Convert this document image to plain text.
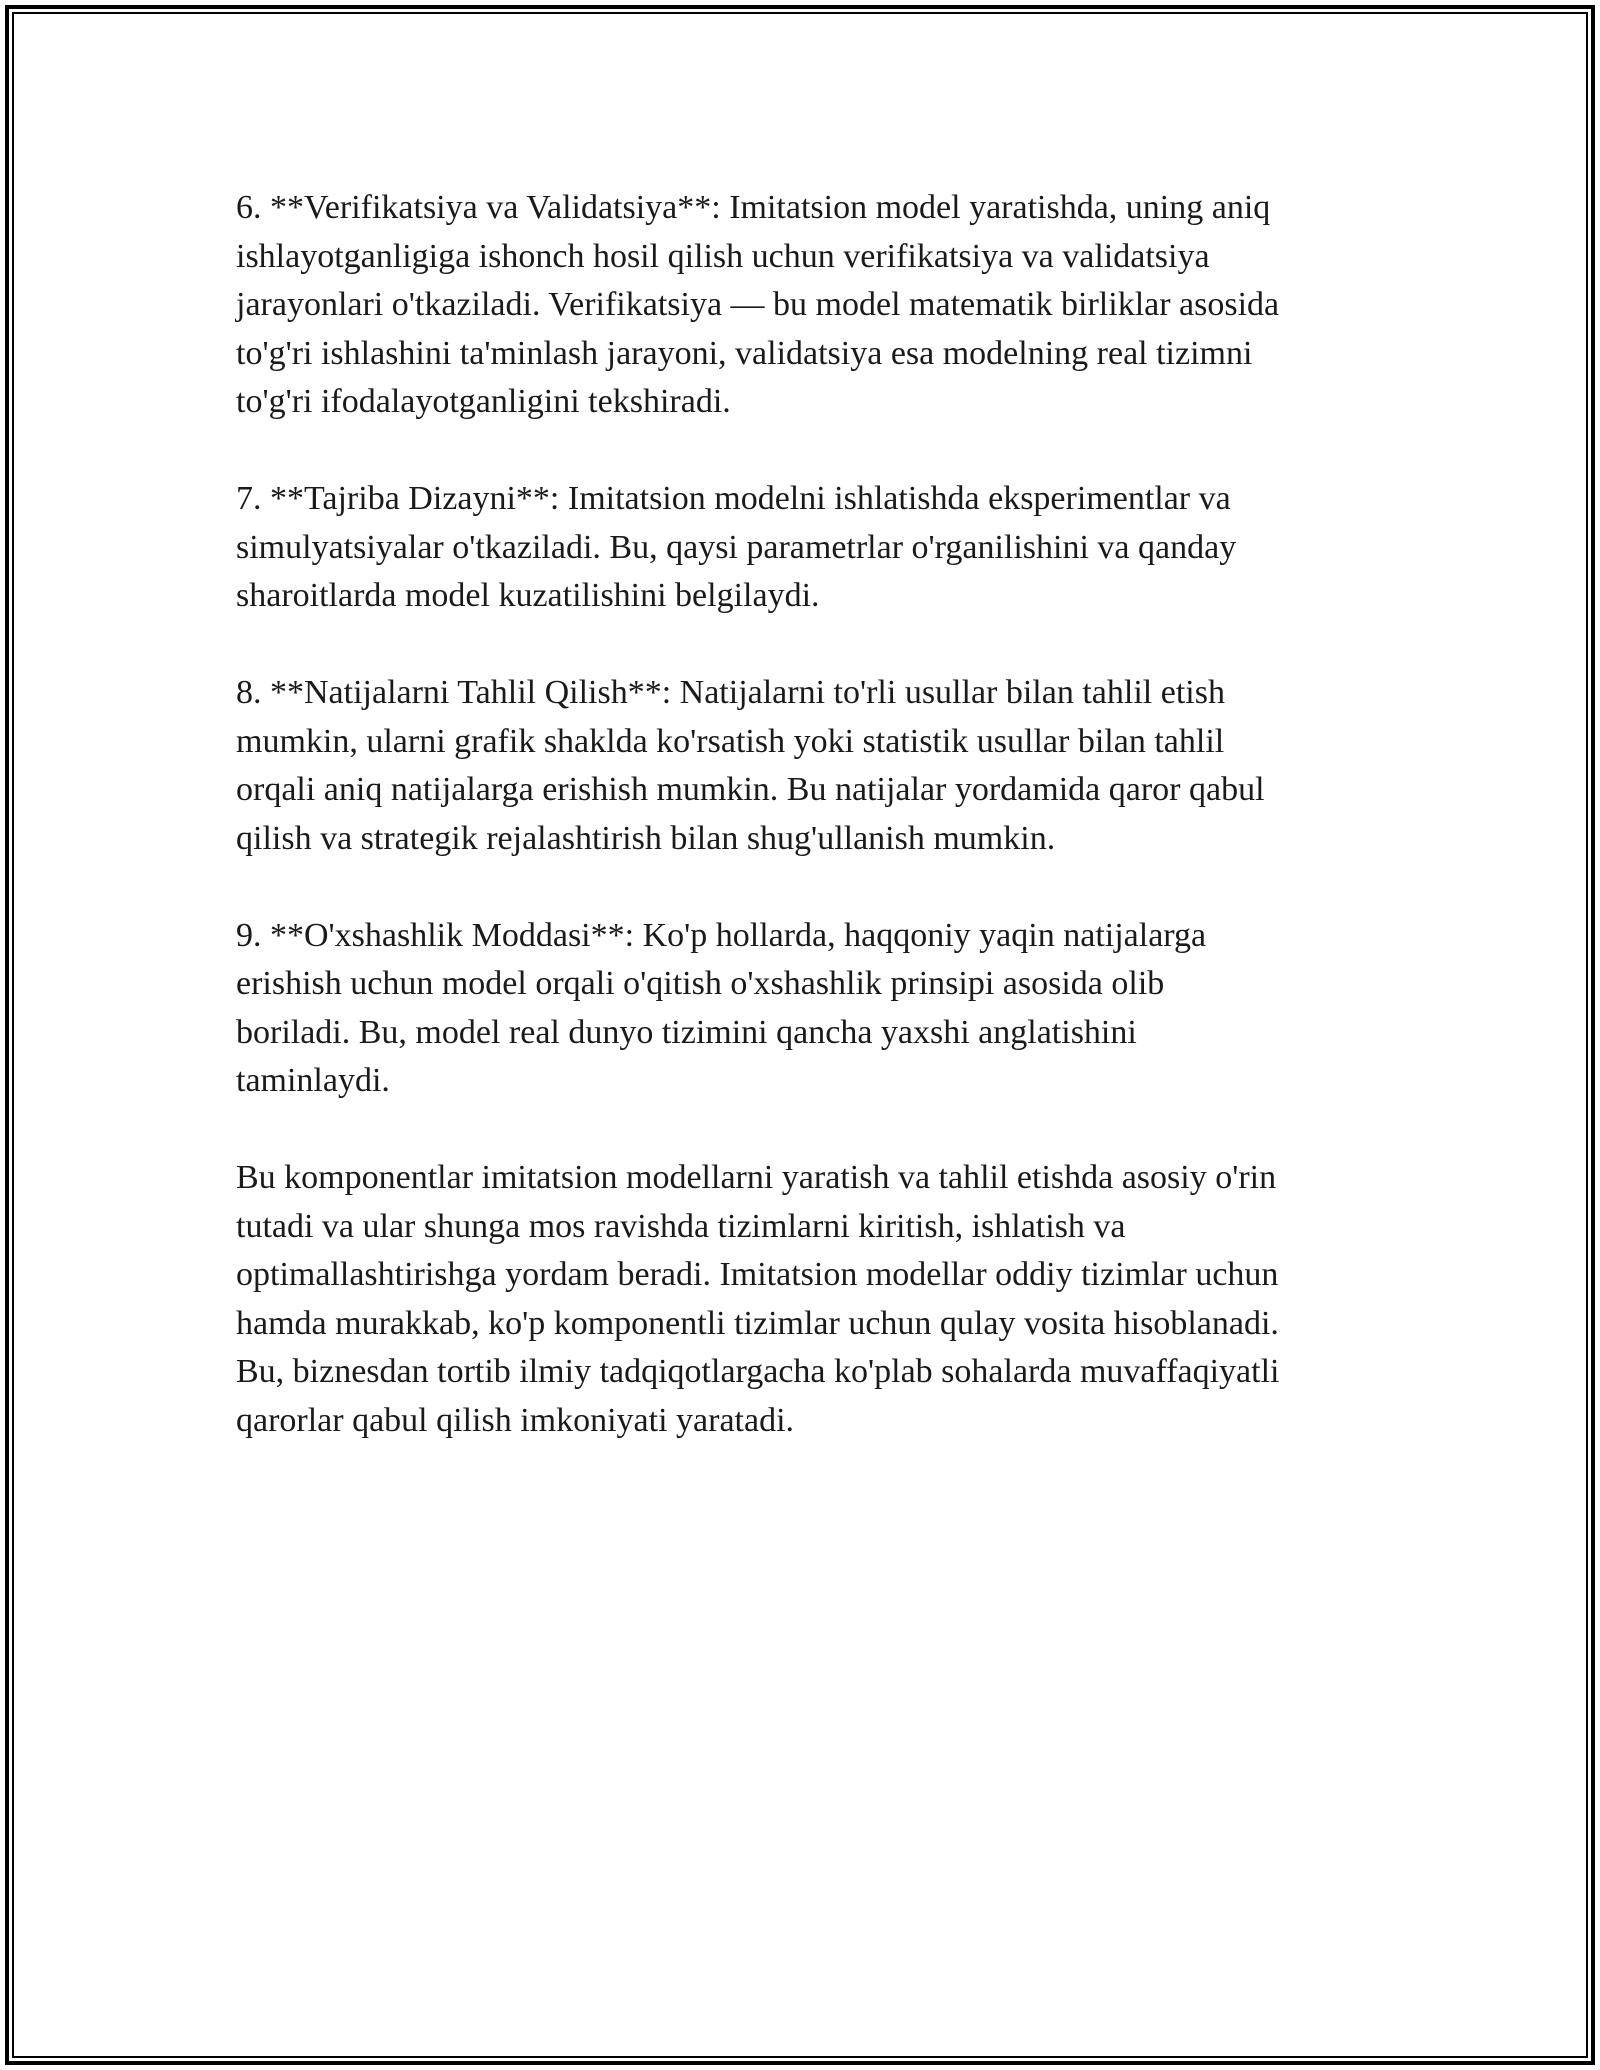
6. **Verifikatsiya va Validatsiya**: Imitatsion model yaratishda, uning aniq
ishlayotganligiga ishonch hosil qilish uchun verifikatsiya va validatsiya
jarayonlari o'tkaziladi. Verifikatsiya — bu model matematik birliklar asosida
to'g'ri ishlashini ta'minlash jarayoni, validatsiya esa modelning real tizimni
to'g'ri ifodalayotganligini tekshiradi.

7. **Tajriba Dizayni**: Imitatsion modelni ishlatishda eksperimentlar va
simulyatsiyalar o'tkaziladi. Bu, qaysi parametrlar o'rganilishini va qanday
sharoitlarda model kuzatilishini belgilaydi.

8. **Natijalarni Tahlil Qilish**: Natijalarni to'rli usullar bilan tahlil etish
mumkin, ularni grafik shaklda ko'rsatish yoki statistik usullar bilan tahlil
orqali aniq natijalarga erishish mumkin. Bu natijalar yordamida qaror qabul
qilish va strategik rejalashtirish bilan shug'ullanish mumkin.

9. **O'xshashlik Moddasi**: Ko'p hollarda, haqqoniy yaqin natijalarga
erishish uchun model orqali o'qitish o'xshashlik prinsipi asosida olib
boriladi. Bu, model real dunyo tizimini qancha yaxshi anglatishini
taminlaydi.

Bu komponentlar imitatsion modellarni yaratish va tahlil etishda asosiy o'rin
tutadi va ular shunga mos ravishda tizimlarni kiritish, ishlatish va
optimallashtirishga yordam beradi. Imitatsion modellar oddiy tizimlar uchun
hamda murakkab, ko'p komponentli tizimlar uchun qulay vosita hisoblanadi.
Bu, biznesdan tortib ilmiy tadqiqotlargacha ko'plab sohalarda muvaffaqiyatli
qarorlar qabul qilish imkoniyati yaratadi.
